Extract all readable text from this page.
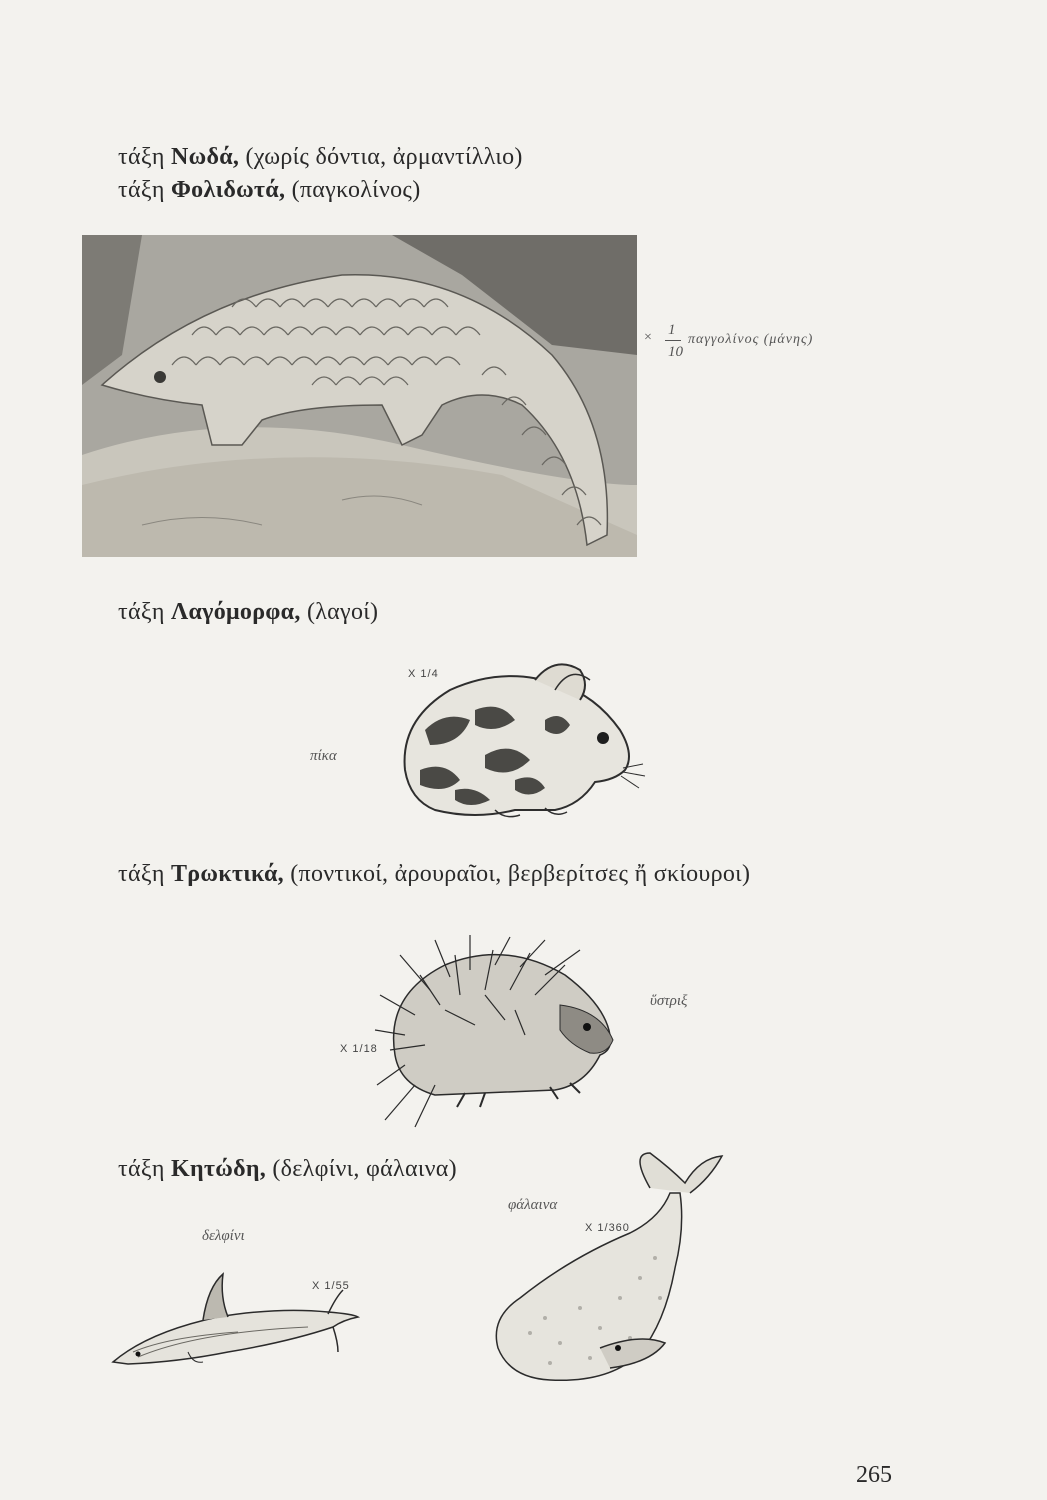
τάξη Νωδά, (χωρίς δόντια, ἀρμαντίλλιο)
τάξη Φολιδωτά, (παγκολίνος)
× 1
10
παγγολίνος (μάνης)
τάξη Λαγόμορφα, (λαγοί)
X 1/4
πίκα
τάξη Τρωκτικά, (ποντικοί, ἀρουραῖοι, βερβερίτσες ἤ σκίουροι)
ὕστριξ
X 1/18
τάξη Κητώδη, (δελφίνι, φάλαινα)
φάλαινα
X 1/360
δελφίνι
X 1/55
265
